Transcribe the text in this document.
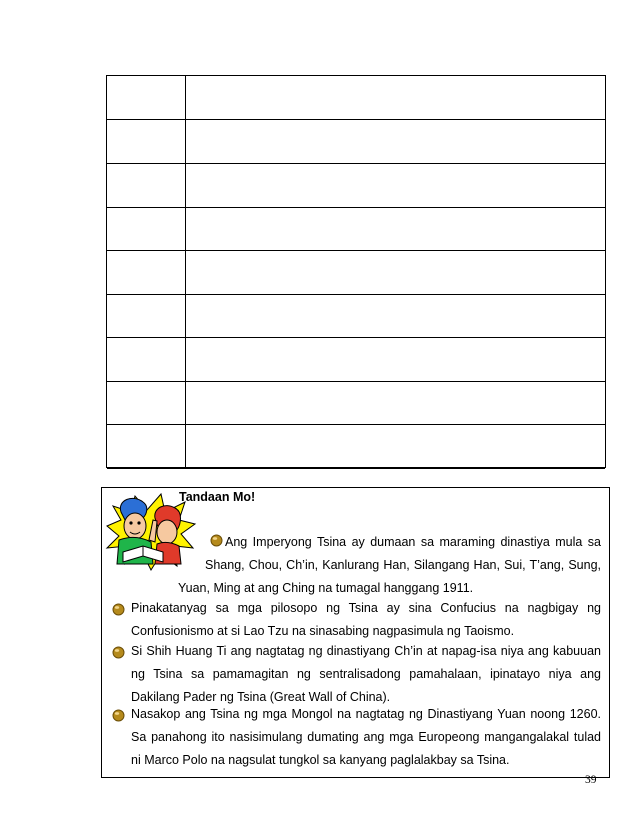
Tandaan Mo!
Ang Imperyong Tsina ay dumaan sa maraming dinastiya mula sa
Shang, Chou, Ch’in, Kanlurang Han, Silangang Han, Sui, T’ang, Sung,
Yuan, Ming at ang Ching na tumagal hanggang 1911.
Pinakatanyag sa mga pilosopo ng Tsina ay sina Confucius na nagbigay ng
Confusionismo at si Lao Tzu na sinasabing nagpasimula ng Taoismo.
Si Shih Huang Ti ang nagtatag ng dinastiyang Ch’in at napag-isa niya ang kabuuan
ng Tsina sa pamamagitan ng sentralisadong pamahalaan, ipinatayo niya ang
Dakilang Pader ng Tsina (Great Wall of China).
Nasakop ang Tsina ng mga Mongol na nagtatag ng Dinastiyang Yuan noong 1260.
Sa panahong ito nasisimulang dumating ang mga Europeong mangangalakal tulad
ni Marco Polo na nagsulat tungkol sa kanyang paglalakbay sa Tsina.
39
